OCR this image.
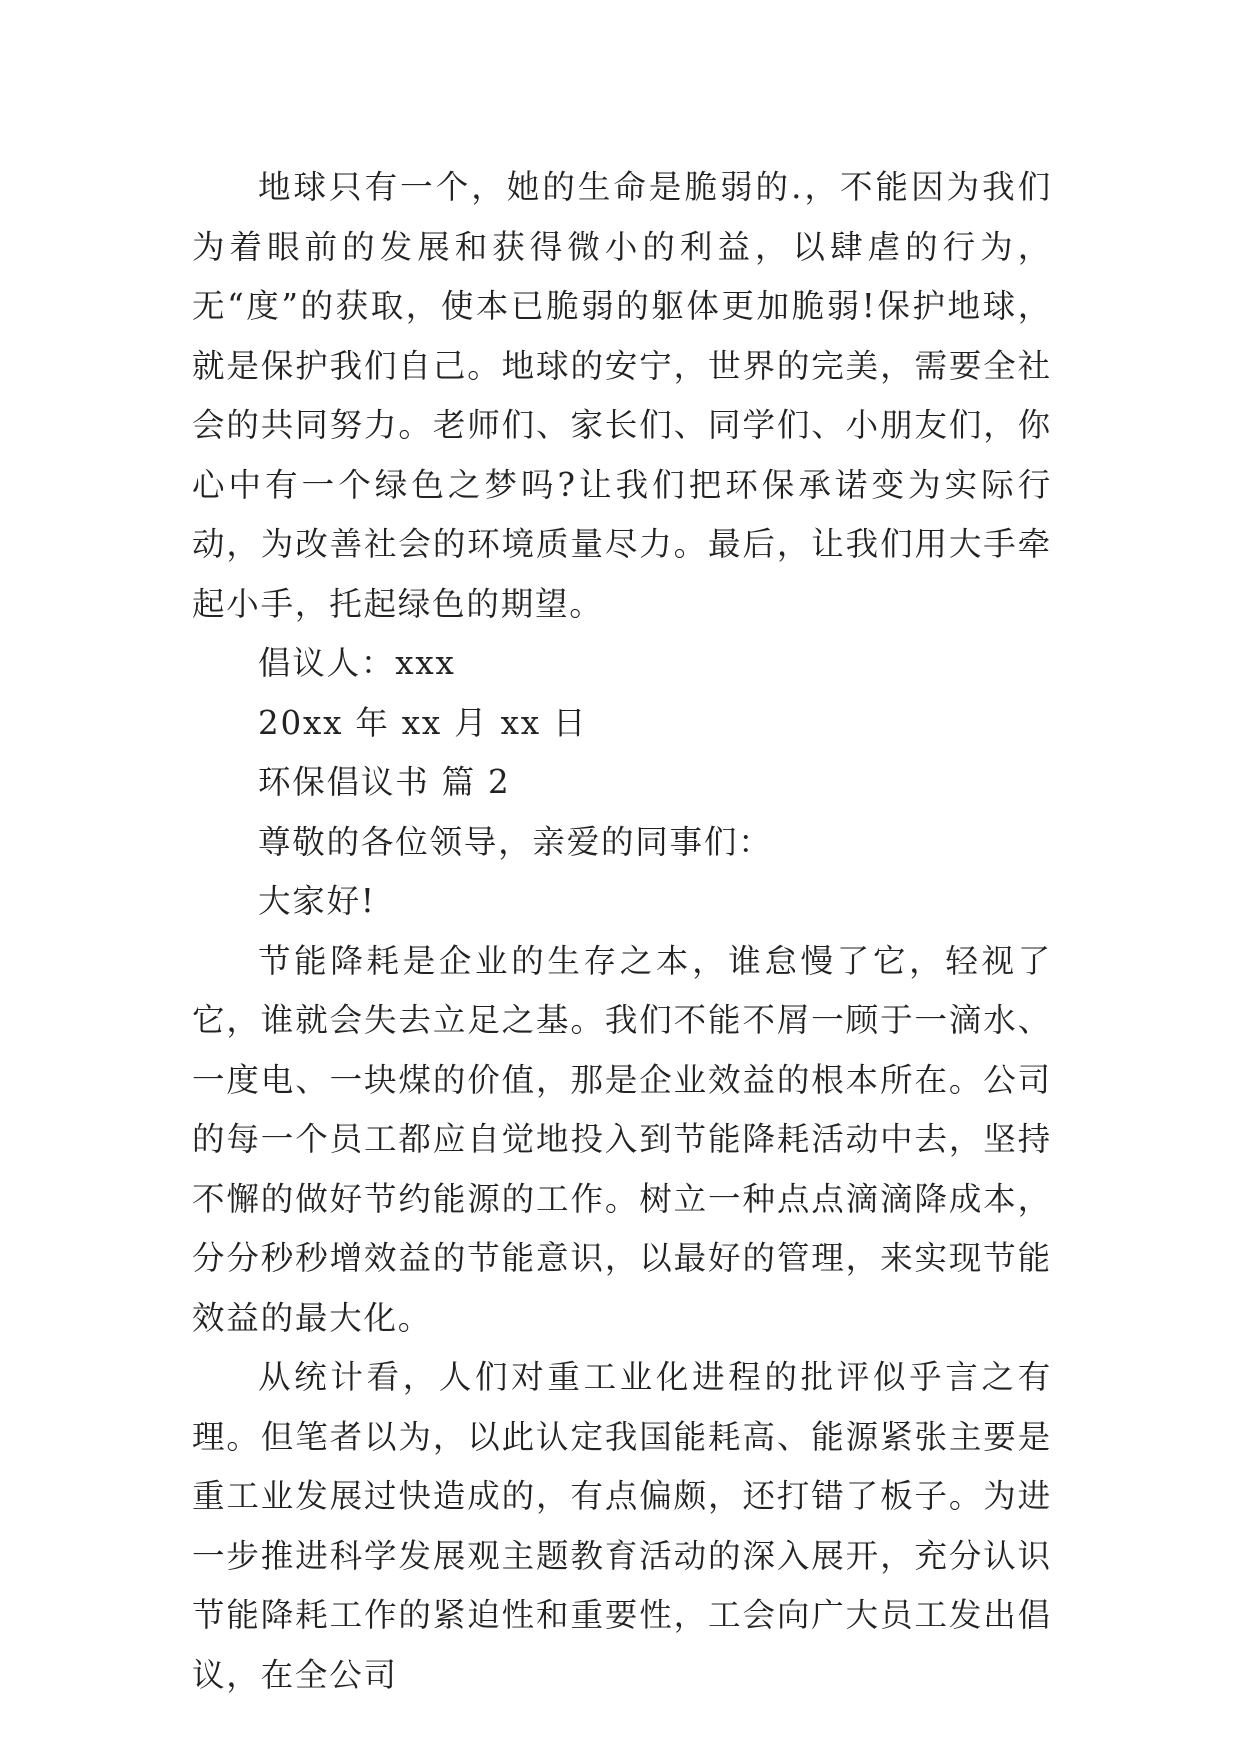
地球只有一个，她的生命是脆弱的.，不能因为我们为着眼前的发展和获得微小的利益，以肆虐的行为，无“度”的获取，使本已脆弱的躯体更加脆弱!保护地球，就是保护我们自己。地球的安宁，世界的完美，需要全社会的共同努力。老师们、家长们、同学们、小朋友们，你心中有一个绿色之梦吗?让我们把环保承诺变为实际行动，为改善社会的环境质量尽力。最后，让我们用大手牵起小手，托起绿色的期望。

倡议人：xxx

20xx 年 xx 月 xx 日

环保倡议书 篇 2

尊敬的各位领导，亲爱的同事们：

大家好!

节能降耗是企业的生存之本，谁怠慢了它，轻视了它，谁就会失去立足之基。我们不能不屑一顾于一滴水、一度电、一块煤的价值，那是企业效益的根本所在。公司的每一个员工都应自觉地投入到节能降耗活动中去，坚持不懈的做好节约能源的工作。树立一种点点滴滴降成本，分分秒秒增效益的节能意识，以最好的管理，来实现节能效益的最大化。

从统计看，人们对重工业化进程的批评似乎言之有理。但笔者以为，以此认定我国能耗高、能源紧张主要是重工业发展过快造成的，有点偏颇，还打错了板子。为进一步推进科学发展观主题教育活动的深入展开，充分认识节能降耗工作的紧迫性和重要性，工会向广大员工发出倡议，在全公司
